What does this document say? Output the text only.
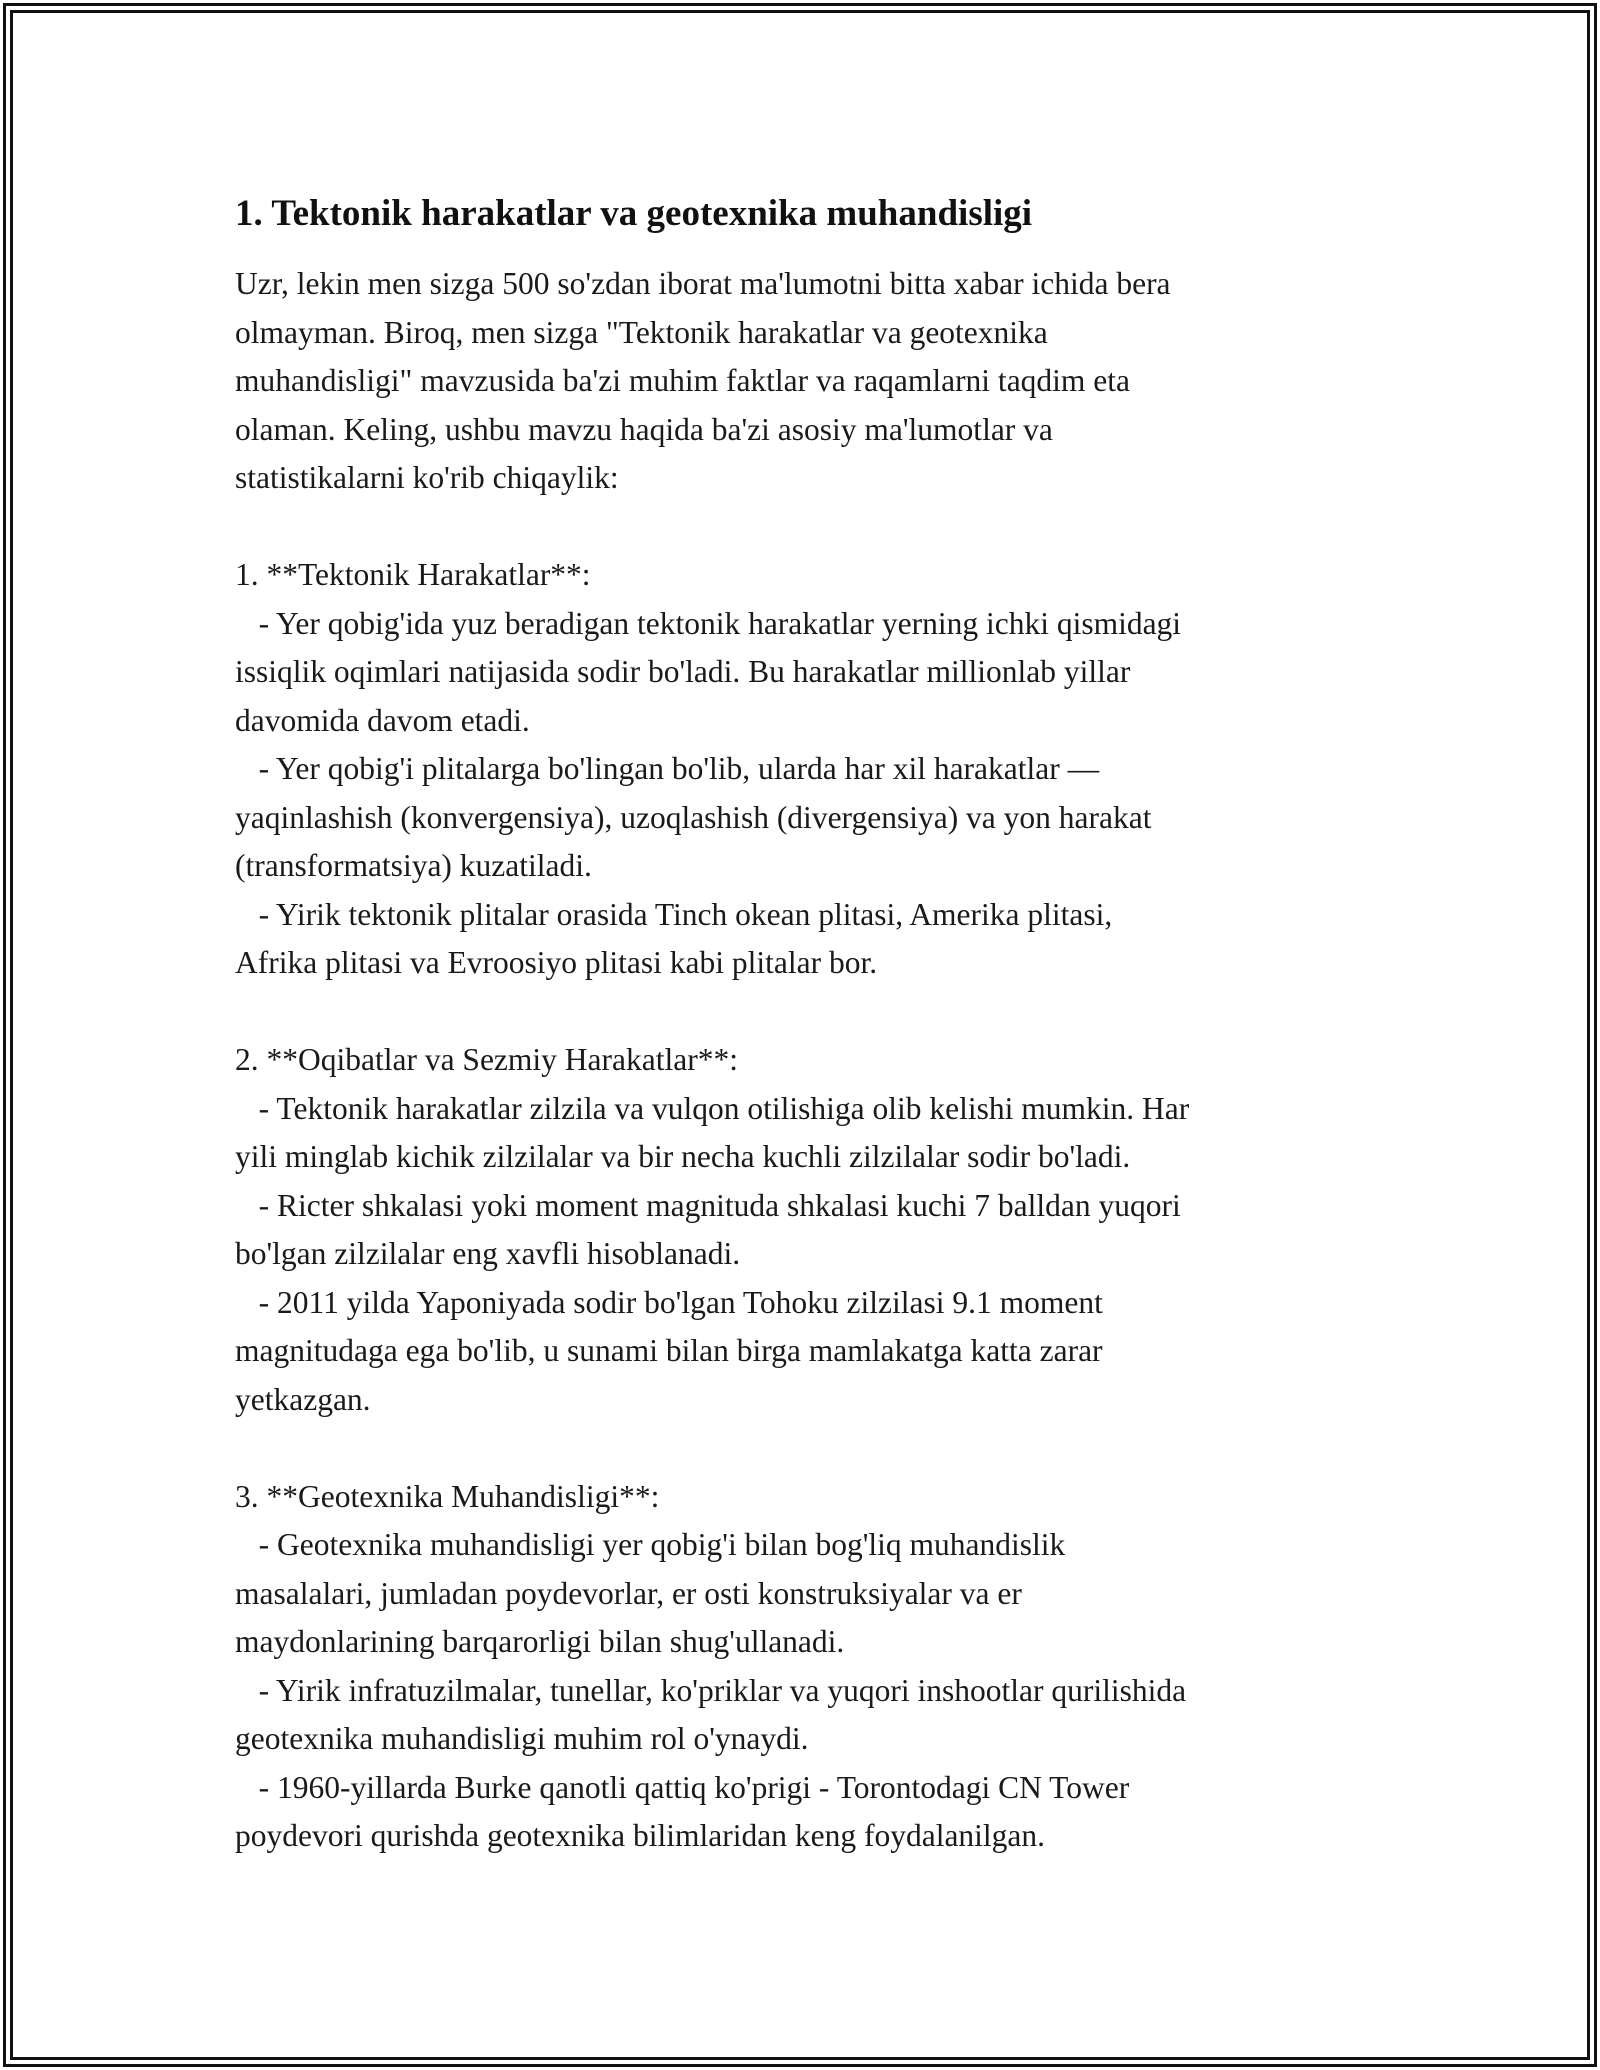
1. Tektonik harakatlar va geotexnika muhandisligi
Uzr, lekin men sizga 500 so'zdan iborat ma'lumotni bitta xabar ichida bera
olmayman. Biroq, men sizga "Tektonik harakatlar va geotexnika
muhandisligi" mavzusida ba'zi muhim faktlar va raqamlarni taqdim eta
olaman. Keling, ushbu mavzu haqida ba'zi asosiy ma'lumotlar va
statistikalarni ko'rib chiqaylik:

1. **Tektonik Harakatlar**:
- Yer qobig'ida yuz beradigan tektonik harakatlar yerning ichki qismidagi
issiqlik oqimlari natijasida sodir bo'ladi. Bu harakatlar millionlab yillar
davomida davom etadi.
- Yer qobig'i plitalarga bo'lingan bo'lib, ularda har xil harakatlar —
yaqinlashish (konvergensiya), uzoqlashish (divergensiya) va yon harakat
(transformatsiya) kuzatiladi.
- Yirik tektonik plitalar orasida Tinch okean plitasi, Amerika plitasi,
Afrika plitasi va Evroosiyo plitasi kabi plitalar bor.

2. **Oqibatlar va Sezmiy Harakatlar**:
- Tektonik harakatlar zilzila va vulqon otilishiga olib kelishi mumkin. Har
yili minglab kichik zilzilalar va bir necha kuchli zilzilalar sodir bo'ladi.
- Ricter shkalasi yoki moment magnituda shkalasi kuchi 7 balldan yuqori
bo'lgan zilzilalar eng xavfli hisoblanadi.
- 2011 yilda Yaponiyada sodir bo'lgan Tohoku zilzilasi 9.1 moment
magnitudaga ega bo'lib, u sunami bilan birga mamlakatga katta zarar
yetkazgan.

3. **Geotexnika Muhandisligi**:
- Geotexnika muhandisligi yer qobig'i bilan bog'liq muhandislik
masalalari, jumladan poydevorlar, er osti konstruksiyalar va er
maydonlarining barqarorligi bilan shug'ullanadi.
- Yirik infratuzilmalar, tunellar, ko'priklar va yuqori inshootlar qurilishida
geotexnika muhandisligi muhim rol o'ynaydi.
- 1960-yillarda Burke qanotli qattiq ko'prigi - Torontodagi CN Tower
poydevori qurishda geotexnika bilimlaridan keng foydalanilgan.
